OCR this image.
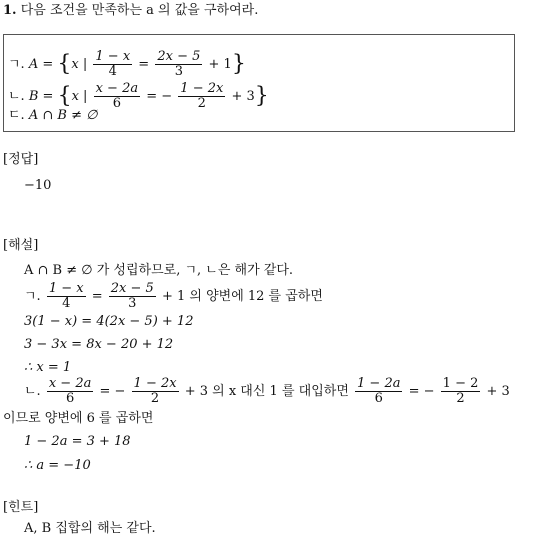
1. 다음 조건을 만족하는 a 의 값을 구하여라.
ㄱ. A = {x | $\frac{1 - x}{4} = \frac{2x - 5}{3} + 1$}
ㄴ. B = {x | $\frac{x - 2a}{6}$ = − $\frac{1 - 2x}{2} + 3$}
ㄷ. A ∩ B ≠ ∅
[정답]
−10
[해설]
A ∩ B ≠ ∅ 가 성립하므로, ㄱ, ㄴ은 해가 같다.
ㄱ. $\frac{1 - x}{4} = \frac{2x - 5}{3} + 1$ 의 양변에 12 를 곱하면
3(1 − x) = 4(2x − 5) + 12
3 − 3x = 8x − 20 + 12
∴ x = 1
ㄴ. $\frac{x - 2a}{6}$ = − $\frac{1 - 2x}{2} + 3$ 의 x 대신 1 를 대입하면 $\frac{1 - 2a}{6}$ = − $\frac{1 - 2}{2} + 3$
이므로 양변에 6 를 곱하면
1 − 2a = 3 + 18
∴ a = −10
[힌트]
A, B 집합의 해는 같다.
